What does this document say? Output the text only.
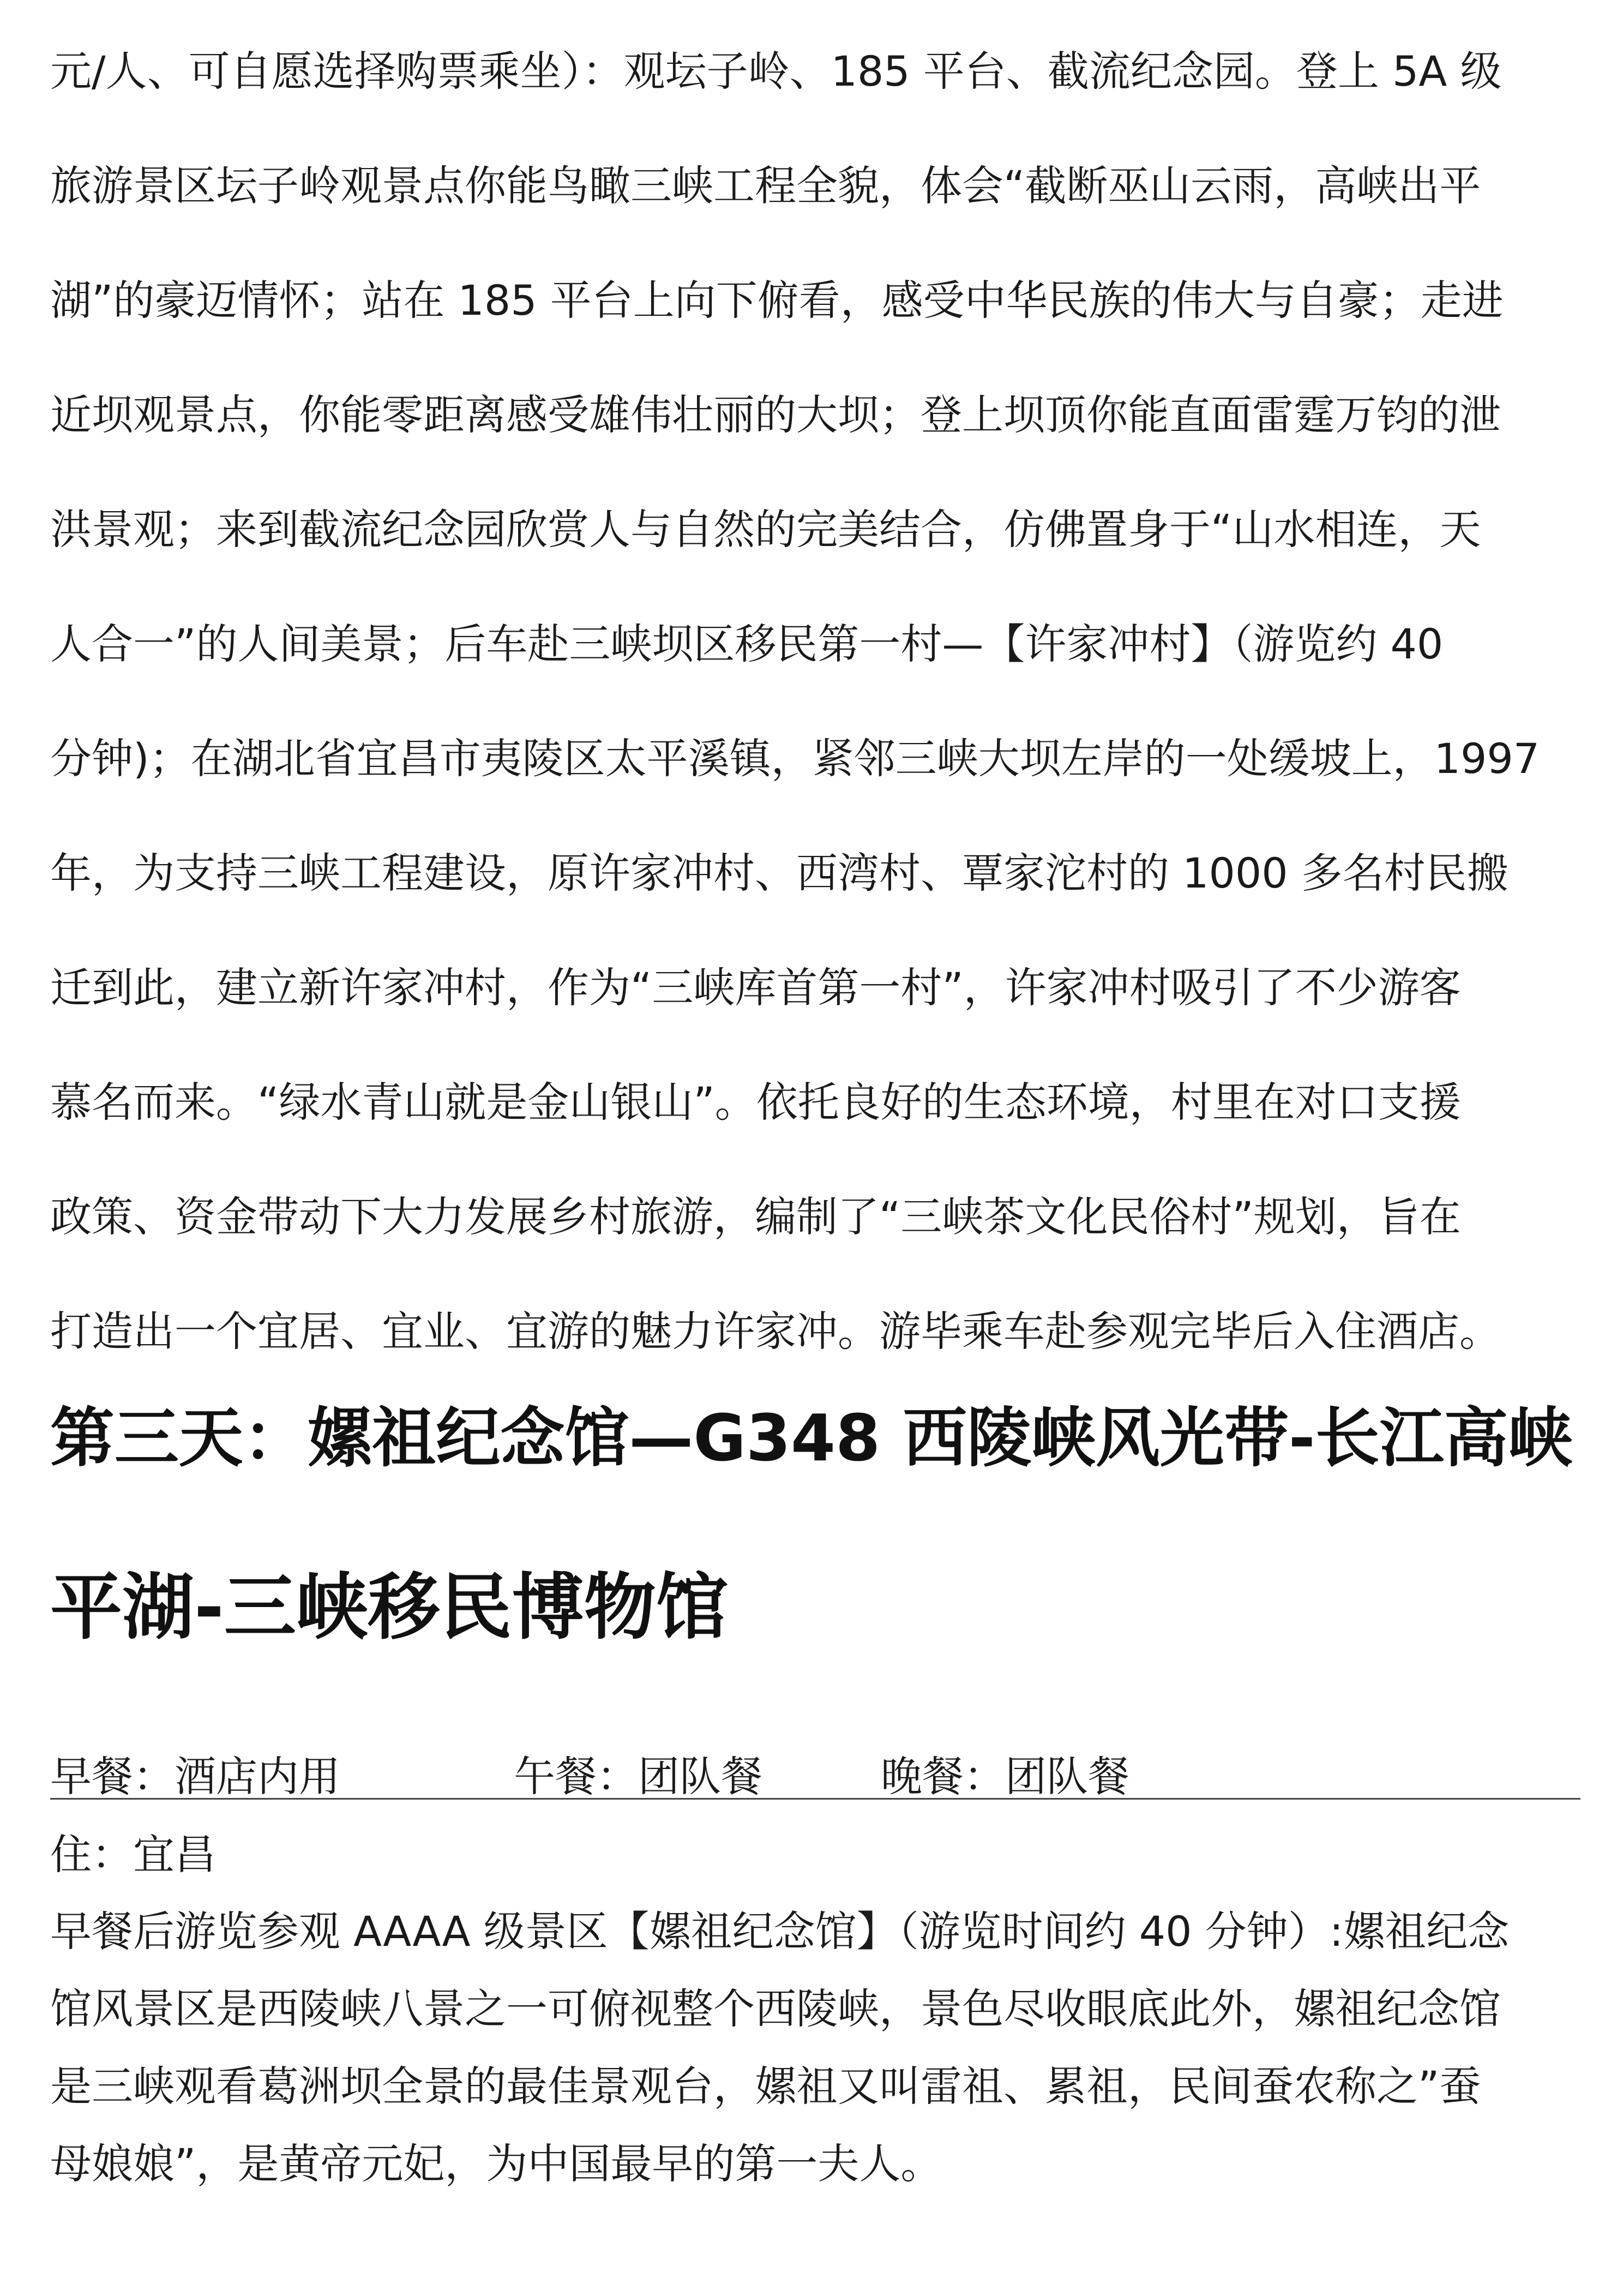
元/人、可自愿选择购票乘坐）：观坛子岭、185 平台、截流纪念园。登上 5A 级
旅游景区坛子岭观景点你能鸟瞰三峡工程全貌，体会“截断巫山云雨，高峡出平
湖”的豪迈情怀；站在 185 平台上向下俯看，感受中华民族的伟大与自豪；走进
近坝观景点，你能零距离感受雄伟壮丽的大坝；登上坝顶你能直面雷霆万钧的泄
洪景观；来到截流纪念园欣赏人与自然的完美结合，仿佛置身于“山水相连，天
人合一”的人间美景；后车赴三峡坝区移民第一村—【许家冲村】（游览约 40
分钟)；在湖北省宜昌市夷陵区太平溪镇，紧邻三峡大坝左岸的一处缓坡上，1997
年，为支持三峡工程建设，原许家冲村、西湾村、覃家沱村的 1000 多名村民搬
迁到此，建立新许家冲村，作为“三峡库首第一村”，许家冲村吸引了不少游客
慕名而来。“绿水青山就是金山银山”。依托良好的生态环境，村里在对口支援
政策、资金带动下大力发展乡村旅游，编制了“三峡茶文化民俗村”规划，旨在
打造出一个宜居、宜业、宜游的魅力许家冲。游毕乘车赴参观完毕后入住酒店。
第三天：嫘祖纪念馆—G348 西陵峡风光带-长江高峡
平湖-三峡移民博物馆
早餐：酒店内用	午餐：团队餐	晚餐：团队餐
住：宜昌
早餐后游览参观 AAAA 级景区【嫘祖纪念馆】（游览时间约 40 分钟）:嫘祖纪念
馆风景区是西陵峡八景之一可俯视整个西陵峡，景色尽收眼底此外，嫘祖纪念馆
是三峡观看葛洲坝全景的最佳景观台，嫘祖又叫雷祖、累祖，民间蚕农称之”蚕
母娘娘”，是黄帝元妃，为中国最早的第一夫人。
